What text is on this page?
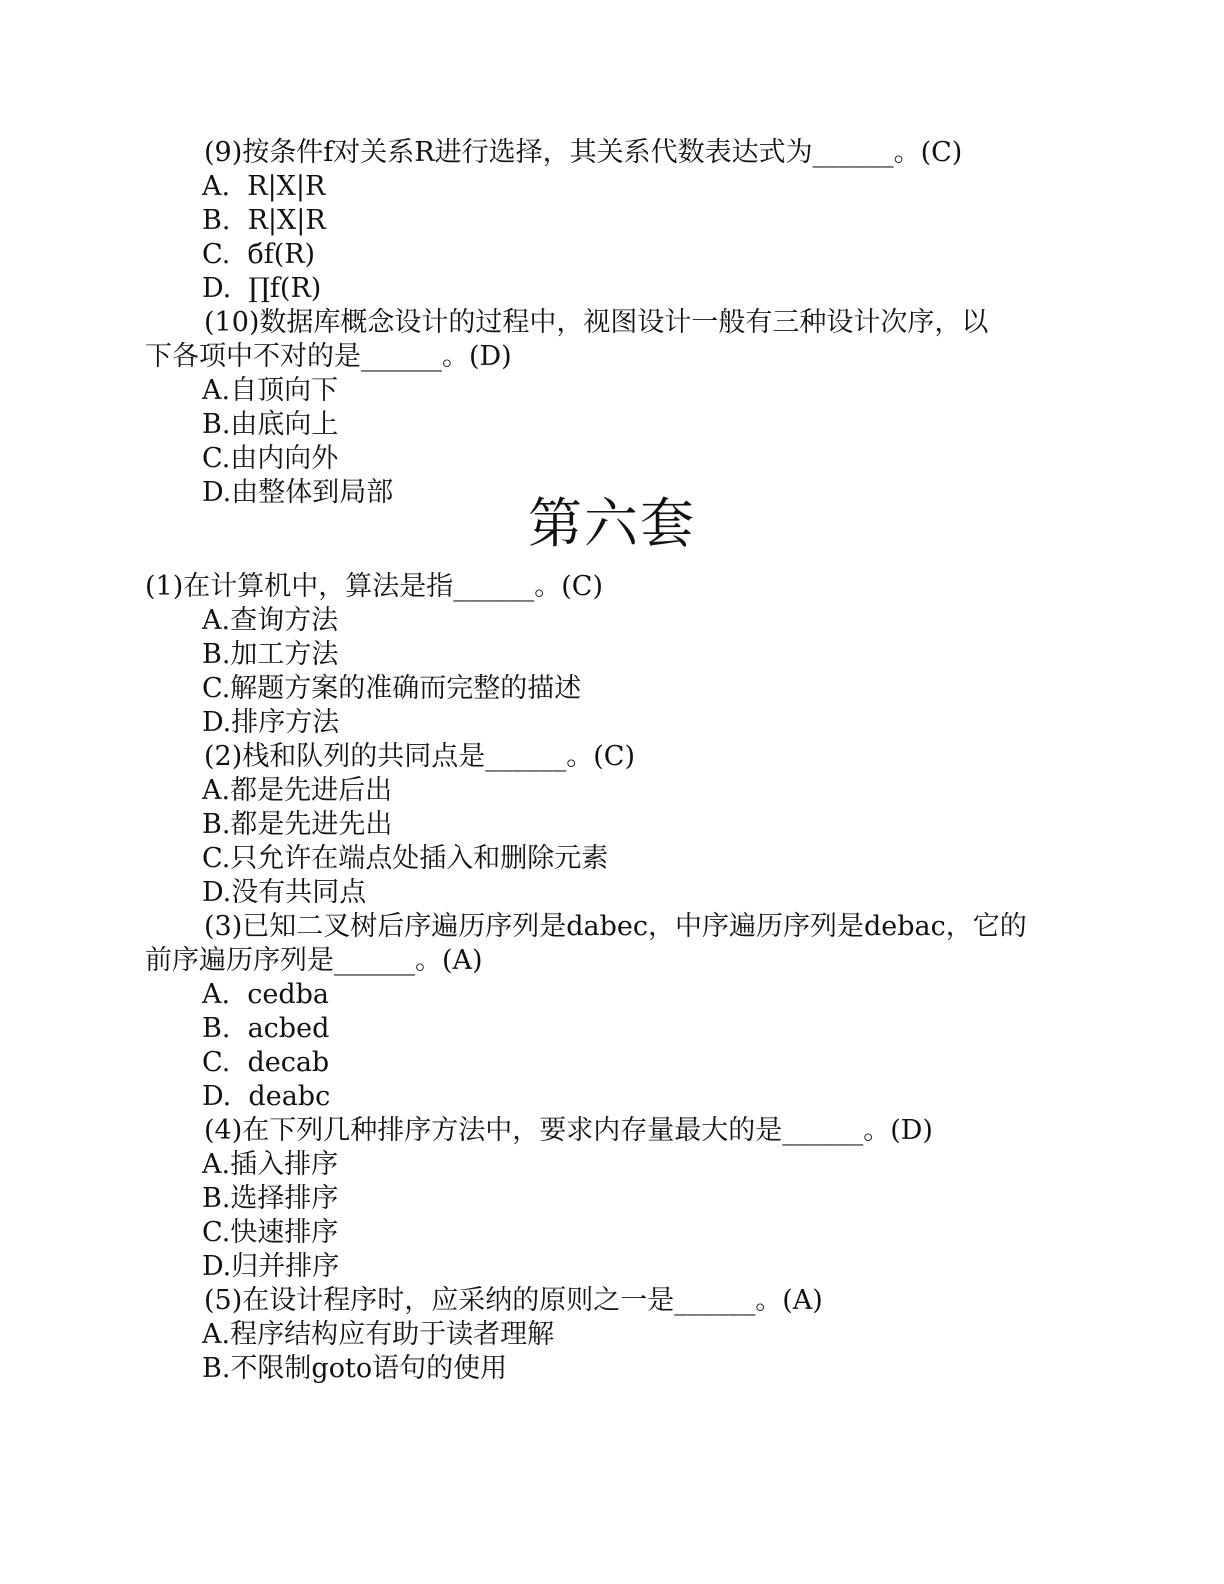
(9)按条件f对关系R进行选择，其关系代数表达式为______。(C)
A.  R|X|R
B.  R|X|R
C.  бf(R)
D.  ∏f(R)
(10)数据库概念设计的过程中，视图设计一般有三种设计次序，以
下各项中不对的是______。(D)
A.自顶向下
B.由底向上
C.由内向外
D.由整体到局部	第六套
(1)在计算机中，算法是指______。(C)
A.查询方法
B.加工方法
C.解题方案的准确而完整的描述
D.排序方法
(2)栈和队列的共同点是______。(C)
A.都是先进后出
B.都是先进先出
C.只允许在端点处插入和删除元素
D.没有共同点
(3)已知二叉树后序遍历序列是dabec，中序遍历序列是debac，它的
前序遍历序列是______。(A)
A.  cedba
B.  acbed
C.  decab
D.  deabc
(4)在下列几种排序方法中，要求内存量最大的是______。(D)
A.插入排序
B.选择排序
C.快速排序
D.归并排序
(5)在设计程序时，应采纳的原则之一是______。(A)
A.程序结构应有助于读者理解
B.不限制goto语句的使用
